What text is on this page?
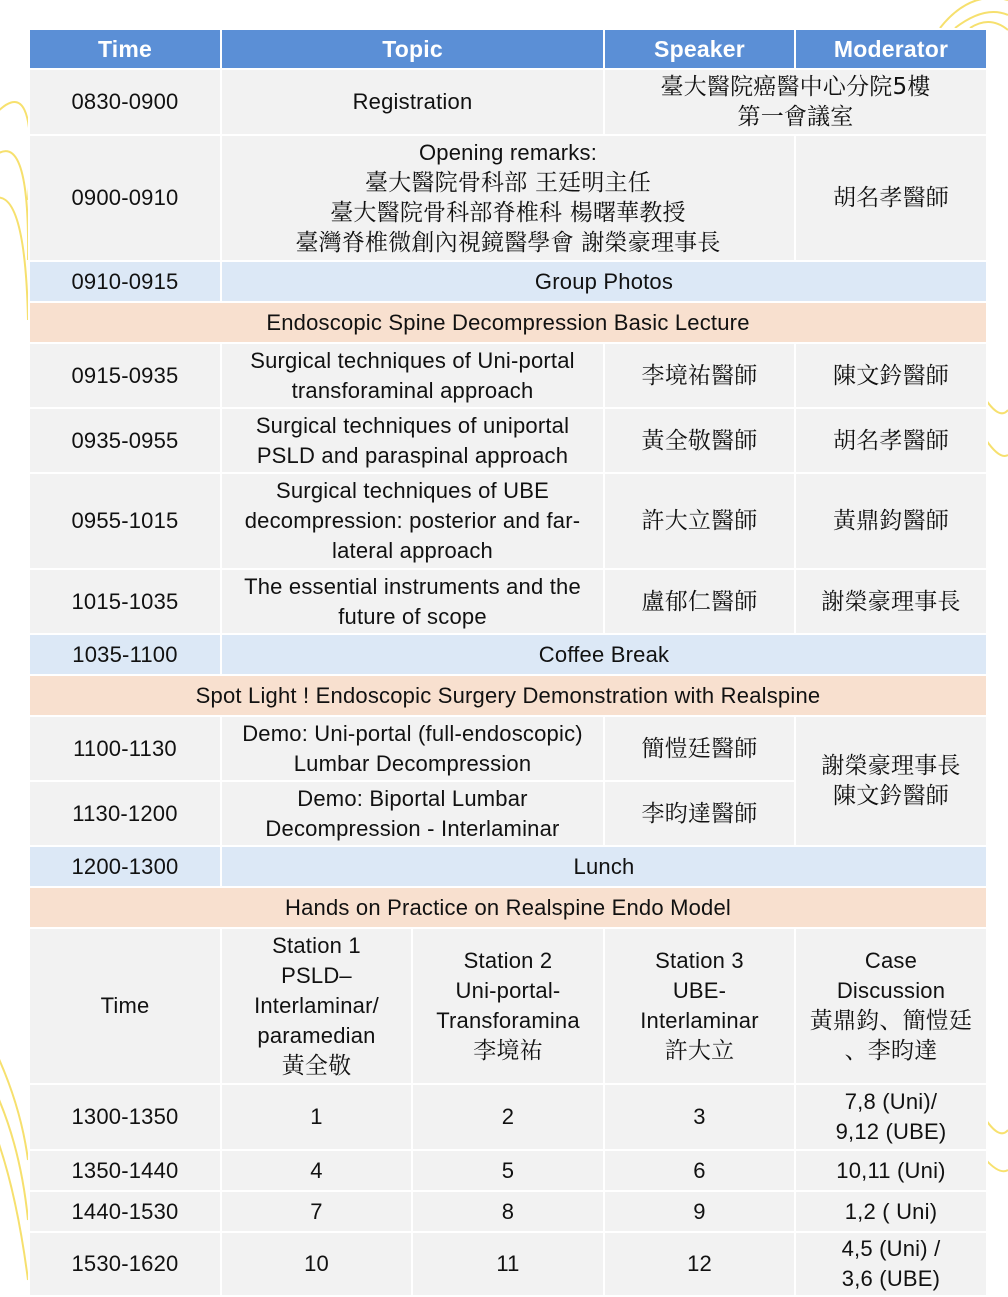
Time	Topic		Speaker	Moderator
0830-0900	Registration		臺大醫院癌醫中心分院5樓
第一會議室	

0900-0910	Opening remarks:
臺大醫院骨科部 王廷明主任
臺大醫院骨科部脊椎科 楊曙華教授
臺灣脊椎微創內視鏡醫學會 謝榮豪理事長			胡名孝醫師
0910-0915	Group Photos			
Endoscopic Spine Decompression Basic Lecture				
0915-0935	Surgical techniques of Uni-portal
transforaminal approach		李境祐醫師	陳文鈐醫師
0935-0955	Surgical techniques of uniportal
PSLD and paraspinal approach		黃全敬醫師	胡名孝醫師
0955-1015	Surgical techniques of UBE
decompression: posterior and far-
lateral approach		許大立醫師	黃鼎鈞醫師
1015-1035	The essential instruments and the
future of scope		盧郁仁醫師	謝榮豪理事長
1035-1100	Coffee Break			
Spot Light ! Endoscopic Surgery Demonstration with Realspine				
1100-1130	Demo: Uni-portal (full-endoscopic)
Lumbar Decompression		簡愷廷醫師	謝榮豪理事長
陳文鈐醫師

1130-1200	Demo: Biportal Lumbar
Decompression - Interlaminar		李昀達醫師	
1200-1300	Lunch			
Hands on Practice on Realspine Endo Model				
Time	Station 1
PSLD–
Interlaminar/
paramedian
黃全敬	Station 2
Uni-portal-
Transforamina
李境祐	Station 3
UBE-
Interlaminar
許大立	Case
Discussion
黃鼎鈞、簡愷廷
、李昀達

1300-1350	1	2	3	7,8 (Uni)/
9,12 (UBE)

1350-1440	4	5	6	10,11 (Uni)
1440-1530	7	8	9	1,2 ( Uni)
1530-1620	10	11	12	4,5 (Uni) /
3,6 (UBE)
